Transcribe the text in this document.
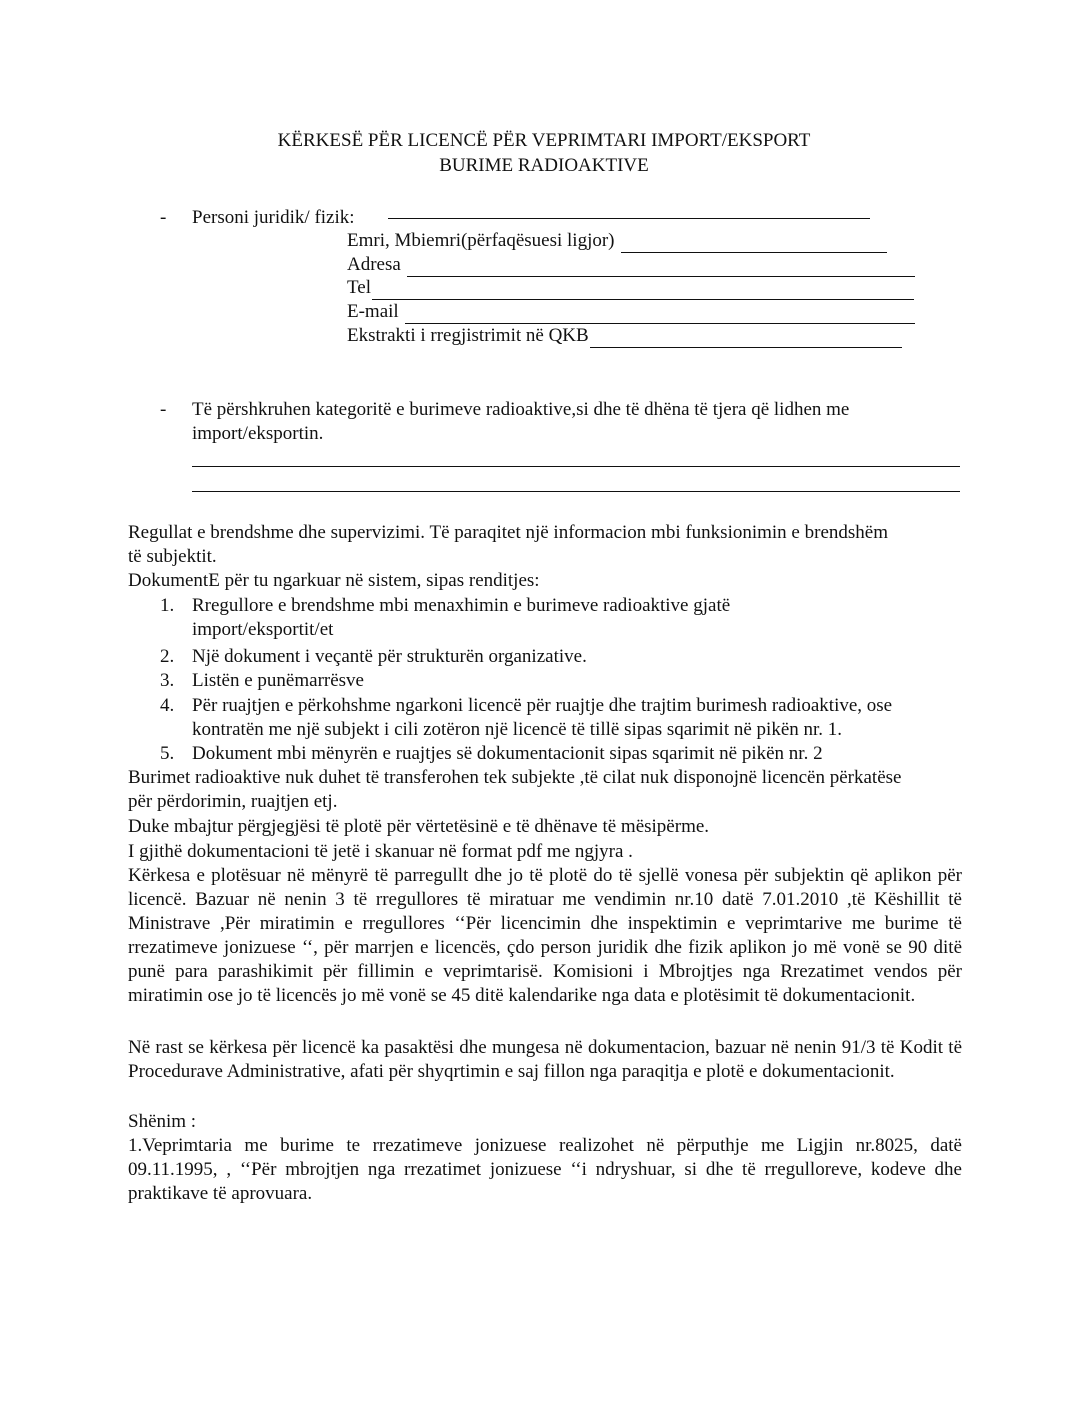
KËRKESË PËR LICENCË PËR VEPRIMTARI IMPORT/EKSPORT
BURIME RADIOAKTIVE
- Personi juridik/ fizik:
Emri, Mbiemri(përfaqësuesi ligjor)
Adresa
Tel
E-mail
Ekstrakti i rregjistrimit në QKB
- Të përshkruhen kategoritë e burimeve radioaktive,si dhe të dhëna të tjera që lidhen me
import/eksportin.
Regullat e brendshme dhe supervizimi. Të paraqitet një informacion mbi funksionimin e brendshëm të subjektit.
DokumentE për tu ngarkuar në sistem, sipas renditjes:
1. Rregullore e brendshme mbi menaxhimin e burimeve radioaktive gjatë import/eksportit/et
2. Një dokument i veçantë për strukturën organizative.
3. Listën e punëmarrësve
4. Për ruajtjen e përkohshme ngarkoni licencë për ruajtje dhe trajtim burimesh radioaktive, ose kontratën me një subjekt i cili zotëron një licencë të tillë sipas sqarimit në pikën nr. 1.
5. Dokument mbi mënyrën e ruajtjes së dokumentacionit sipas sqarimit në pikën nr. 2
Burimet radioaktive nuk duhet të transferohen tek subjekte ,të cilat nuk disponojnë licencën përkatëse për përdorimin, ruajtjen etj.
Duke mbajtur përgjegjësi të plotë për vërtetësinë e të dhënave të mësipërme.
I gjithë dokumentacioni të jetë i skanuar në format pdf me ngjyra .
Kërkesa e plotësuar në mënyrë të parregullt dhe jo të plotë do të sjellë vonesa për subjektin që aplikon për licencë. Bazuar në nenin 3 të rregullores të miratuar me vendimin nr.10 datë 7.01.2010 ,të Këshillit të Ministrave ,Për miratimin e rregullores ‘‘Për licencimin dhe inspektimin e veprimtarive me burime të rrezatimeve jonizuese ‘‘, për marrjen e licencës, çdo person juridik dhe fizik aplikon jo më vonë se 90 ditë punë para parashikimit për fillimin e veprimtarisë. Komisioni i Mbrojtjes nga Rrezatimet vendos për miratimin ose jo të licencës jo më vonë se 45 ditë kalendarike nga data e plotësimit të dokumentacionit.
Në rast se kërkesa për licencë ka pasaktësi dhe mungesa në dokumentacion, bazuar në nenin 91/3 të Kodit të Procedurave Administrative, afati për shyqrtimin e saj fillon nga paraqitja e plotë e dokumentacionit.
Shënim :
1.Veprimtaria me burime te rrezatimeve jonizuese realizohet në përputhje me Ligjin nr.8025, datë 09.11.1995, , ‘‘Për mbrojtjen nga rrezatimet jonizuese ‘‘i ndryshuar, si dhe të rregulloreve, kodeve dhe praktikave të aprovuara.
